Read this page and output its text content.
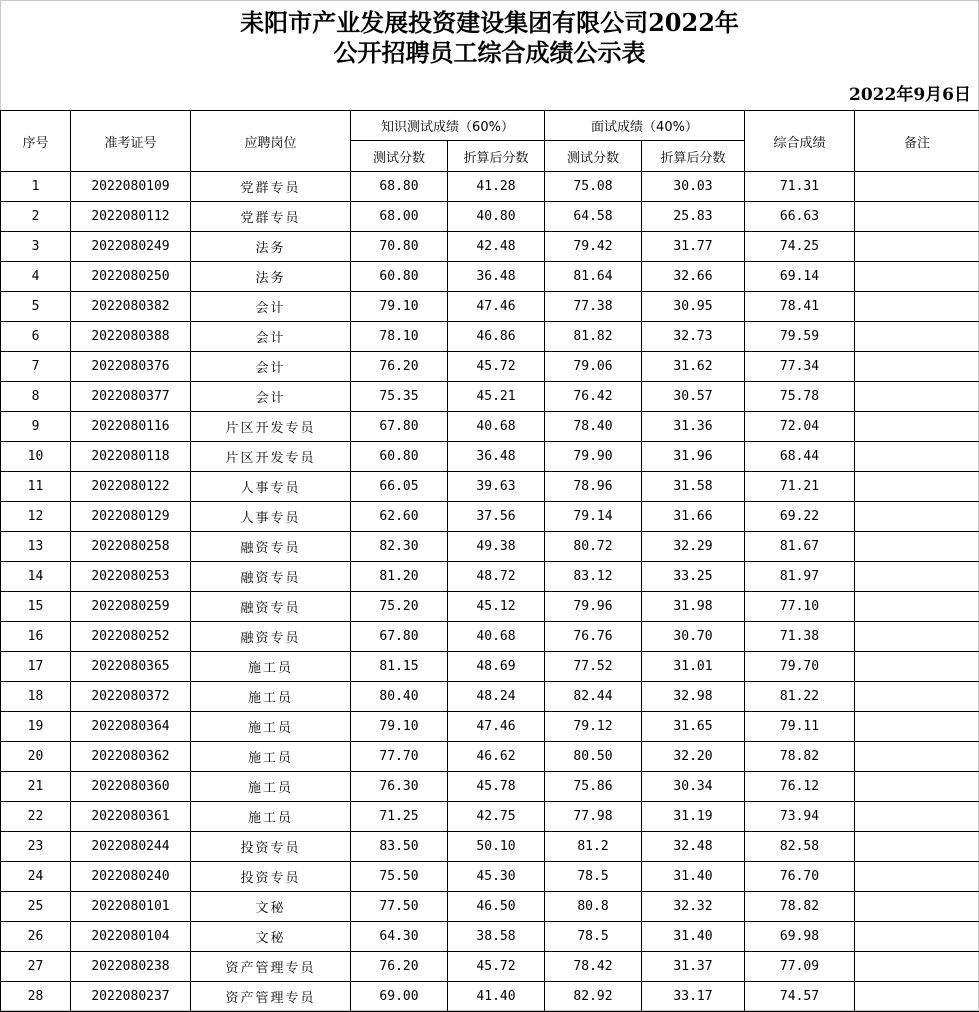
耒阳市产业发展投资建设集团有限公司2022年
公开招聘员工综合成绩公示表
2022年9月6日
序号	准考证号	应聘岗位	知识测试成绩（60%）		面试成绩（40%）		综合成绩	备注
			测试分数	折算后分数	测试分数	折算后分数		
1	2022080109	党群专员	68.80	41.28	75.08	30.03	71.31	
2	2022080112	党群专员	68.00	40.80	64.58	25.83	66.63	
3	2022080249	法务	70.80	42.48	79.42	31.77	74.25	
4	2022080250	法务	60.80	36.48	81.64	32.66	69.14	
5	2022080382	会计	79.10	47.46	77.38	30.95	78.41	
6	2022080388	会计	78.10	46.86	81.82	32.73	79.59	
7	2022080376	会计	76.20	45.72	79.06	31.62	77.34	
8	2022080377	会计	75.35	45.21	76.42	30.57	75.78	
9	2022080116	片区开发专员	67.80	40.68	78.40	31.36	72.04	
10	2022080118	片区开发专员	60.80	36.48	79.90	31.96	68.44	
11	2022080122	人事专员	66.05	39.63	78.96	31.58	71.21	
12	2022080129	人事专员	62.60	37.56	79.14	31.66	69.22	
13	2022080258	融资专员	82.30	49.38	80.72	32.29	81.67	
14	2022080253	融资专员	81.20	48.72	83.12	33.25	81.97	
15	2022080259	融资专员	75.20	45.12	79.96	31.98	77.10	
16	2022080252	融资专员	67.80	40.68	76.76	30.70	71.38	
17	2022080365	施工员	81.15	48.69	77.52	31.01	79.70	
18	2022080372	施工员	80.40	48.24	82.44	32.98	81.22	
19	2022080364	施工员	79.10	47.46	79.12	31.65	79.11	
20	2022080362	施工员	77.70	46.62	80.50	32.20	78.82	
21	2022080360	施工员	76.30	45.78	75.86	30.34	76.12	
22	2022080361	施工员	71.25	42.75	77.98	31.19	73.94	
23	2022080244	投资专员	83.50	50.10	81.2	32.48	82.58	
24	2022080240	投资专员	75.50	45.30	78.5	31.40	76.70	
25	2022080101	文秘	77.50	46.50	80.8	32.32	78.82	
26	2022080104	文秘	64.30	38.58	78.5	31.40	69.98	
27	2022080238	资产管理专员	76.20	45.72	78.42	31.37	77.09	
28	2022080237	资产管理专员	69.00	41.40	82.92	33.17	74.57	
